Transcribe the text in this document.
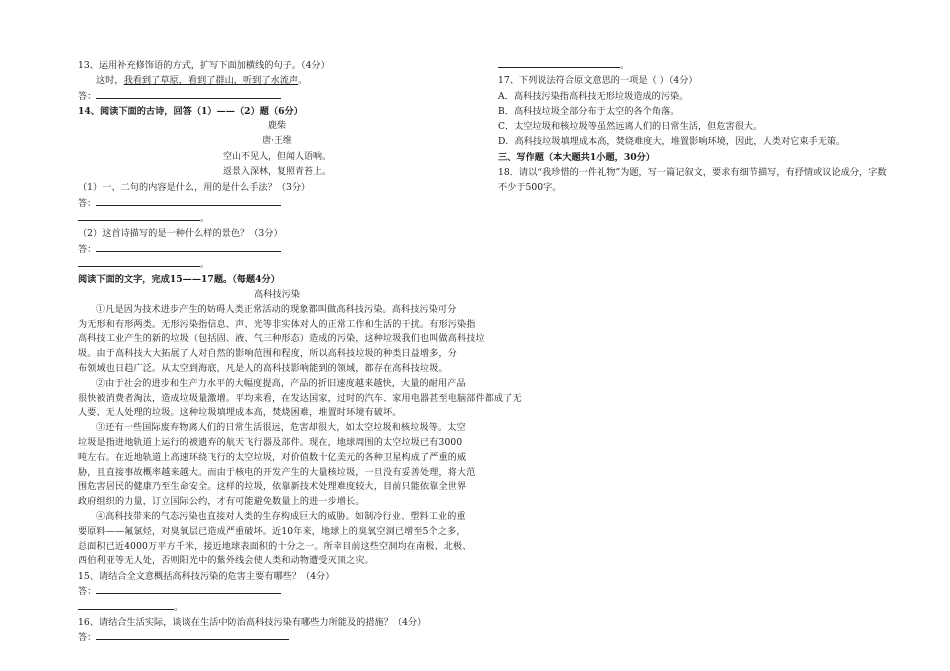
13、运用补充修饰语的方式，扩写下面加横线的句子。（4分）
这时，我看到了草原，看到了群山，听到了水流声。
答：
14、阅读下面的古诗，回答（1）——（2）题（6分）
鹿柴
唐·王维
空山不见人，但闻人语响。
返景入深林，复照青苔上。
（1）一、二句的内容是什么，用的是什么手法？（3分）
答：
。
（2）这首诗描写的是一种什么样的景色？（3分）
答：
。
阅读下面的文字，完成15——17题。（每题4分）
高科技污染
①凡是因为技术进步产生的妨碍人类正常活动的现象都叫做高科技污染。高科技污染可分
为无形和有形两类。无形污染指信息、声、光等非实体对人的正常工作和生活的干扰。有形污染指
高科技工业产生的新的垃圾（包括固、液、气三种形态）造成的污染，这种垃圾我们也叫做高科技垃
圾。由于高科技大大拓展了人对自然的影响范围和程度，所以高科技垃圾的种类日益增多，分
布领域也日趋广泛。从太空到海底，凡是人的高科技影响能到的领域，都存在高科技垃圾。
②由于社会的进步和生产力水平的大幅度提高，产品的折旧速度越来越快，大量的耐用产品
很快被消费者淘汰，造成垃圾量激增。平均来看，在发达国家，过时的汽车、家用电器甚至电脑部件都成了无
人要、无人处理的垃圾。这种垃圾填埋成本高，焚烧困难，堆置时环境有破坏。
③还有一些国际废弃物离人们的日常生活很远，危害却很大，如太空垃圾和核垃圾等。太空
垃圾是指进地轨道上运行的被遗弃的航天飞行器及部件。现在，地球周围的太空垃圾已有3000
吨左右。在近地轨道上高速环绕飞行的太空垃圾，对价值数十亿美元的各种卫星构成了严重的威
胁，且直接事故概率越来越大。而由于核电的开发产生的大量核垃圾，一旦没有妥善处理，将大范
围危害居民的健康乃至生命安全。这样的垃圾，依靠新技术处理难度较大，目前只能依靠全世界
政府组织的力量，订立国际公约，才有可能避免数量上的进一步增长。
④高科技带来的气态污染也直接对人类的生存构成巨大的威胁。如制冷行业、塑料工业的重
要原料——氟氯烃，对臭氧层已造成严重破坏。近10年来，地球上的臭氧空洞已增至5个之多，
总面积已近4000万平方千米，接近地球表面积的十分之一。所幸目前这些空洞均在南极、北极、
西伯利亚等无人处，否则阳光中的紫外线会使人类和动物遭受灭顶之灾。
15、请结合全文意概括高科技污染的危害主要有哪些？（4分）
答：
。
16、请结合生活实际，谈谈在生活中防治高科技污染有哪些力所能及的措施？（4分）
答：
。
17、下列说法符合原文意思的一项是（ ）（4分）
A．高科技污染指高科技无形垃圾造成的污染。
B．高科技垃圾全部分布于太空的各个角落。
C．太空垃圾和核垃圾等虽然远离人们的日常生活，但危害很大。
D．高科技垃圾填埋成本高，焚烧难度大，堆置影响环境，因此，人类对它束手无策。
三、写作题（本大题共1小题，30分）
18．请以“我珍惜的一件礼物”为题，写一篇记叙文，要求有细节描写，有抒情或议论成分，字数
不少于500字。
